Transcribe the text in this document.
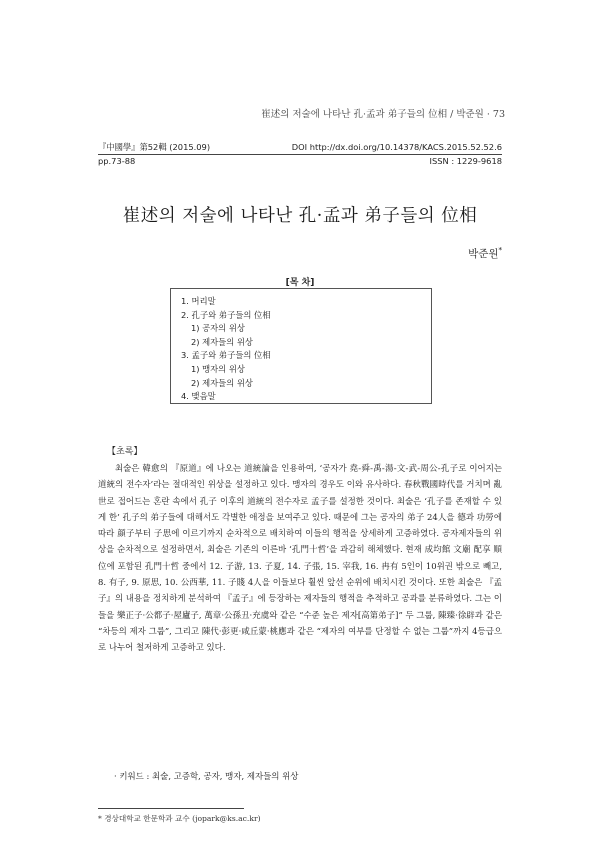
崔述의 저술에 나타난 孔·孟과 弟子들의 位相 / 박준원 · 73
『中國學』第52輯 (2015.09)	DOI http://dx.doi.org/10.14378/KACS.2015.52.52.6
pp.73-88	ISSN : 1229-9618
崔述의 저술에 나타난 孔·孟과 弟子들의 位相
박준원*
[목 차]
1. 머리말
2. 孔子와 弟子들의 位相
1) 공자의 위상
2) 제자들의 위상
3. 孟子와 弟子들의 位相
1) 맹자의 위상
2) 제자들의 위상
4. 맺음말
【초록】

최술은 韓愈의 『原道』에 나오는 道統論을 인용하여, ‘공자가 堯-舜-禹-湯-文-武-周公-孔子로 이어지는 道統의 전수자’라는 절대적인 위상을 설정하고 있다. 맹자의 경우도 이와 유사하다. 春秋戰國時代를 거치며 亂世로 접어드는 혼란 속에서 孔子 이후의 道統의 전수자로 孟子를 설정한 것이다. 최술은 ‘孔子를 존재할 수 있게 한’ 孔子의 弟子들에 대해서도 각별한 애정을 보여주고 있다. 때문에 그는 공자의 弟子 24人을 德과 功勞에 따라 顔子부터 子思에 이르기까지 순차적으로 배치하여 이들의 행적을 상세하게 고증하였다. 공자제자들의 위상을 순차적으로 설정하면서, 최술은 기존의 이른바 ‘孔門十哲’을 과감히 해체했다. 현재 成均館 文廟 配享 順位에 포함된 孔門十哲 중에서 12. 子游, 13. 子夏, 14. 子張, 15. 宰我, 16. 冉有 5인이 10위권 밖으로 빼고, 8. 有子, 9. 原思, 10. 公西華, 11. 子賤 4人을 이들보다 훨씬 앞선 순위에 배치시킨 것이다. 또한 최술은 『孟子』의 내용을 정치하게 분석하여 『孟子』에 등장하는 제자들의 행적을 추적하고 공과를 분류하였다. 그는 이들을 樂正子·公都子·屋廬子, 萬章·公孫丑·充虞와 같은 “수준 높은 제자[高第弟子]” 두 그룹, 陳臻·徐辟과 같은 “차등의 제자 그룹”, 그리고 陳代·彭更·咸丘蒙·桃應과 같은 “제자의 여부를 단정할 수 없는 그룹”까지 4등급으로 나누어 철저하게 고증하고 있다.

· 키워드 : 최술, 고증학, 공자, 맹자, 제자들의 위상
* 경상대학교 한문학과 교수 (jopark@ks.ac.kr)
